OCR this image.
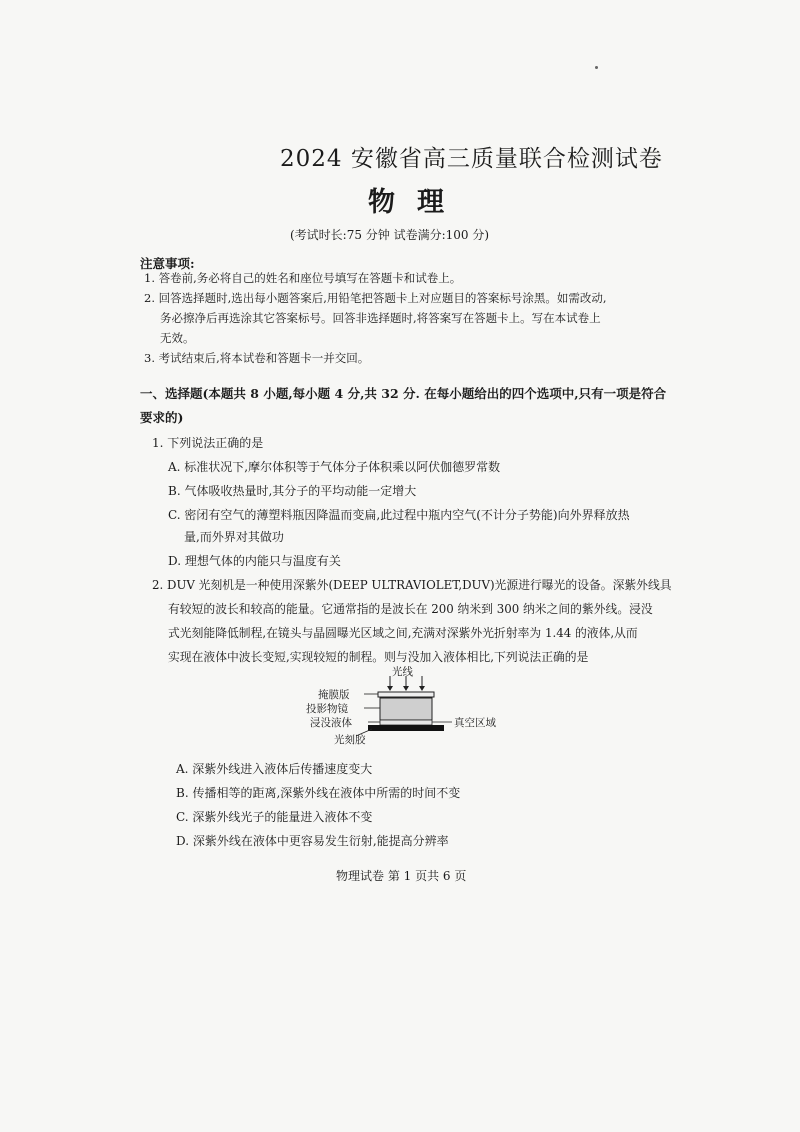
2024 安徽省高三质量联合检测试卷
物理
(考试时长:75 分钟 试卷满分:100 分)
注意事项:
1. 答卷前,务必将自己的姓名和座位号填写在答题卡和试卷上。
2. 回答选择题时,选出每小题答案后,用铅笔把答题卡上对应题目的答案标号涂黑。如需改动,
务必擦净后再选涂其它答案标号。回答非选择题时,将答案写在答题卡上。写在本试卷上
无效。
3. 考试结束后,将本试卷和答题卡一并交回。
一、选择题(本题共 8 小题,每小题 4 分,共 32 分. 在每小题给出的四个选项中,只有一项是符合
要求的)
1. 下列说法正确的是
A. 标准状况下,摩尔体积等于气体分子体积乘以阿伏伽德罗常数
B. 气体吸收热量时,其分子的平均动能一定增大
C. 密闭有空气的薄塑料瓶因降温而变扁,此过程中瓶内空气(不计分子势能)向外界释放热
量,而外界对其做功
D. 理想气体的内能只与温度有关
2. DUV 光刻机是一种使用深紫外(DEEP ULTRAVIOLET,DUV)光源进行曝光的设备。深紫外线具
有较短的波长和较高的能量。它通常指的是波长在 200 纳米到 300 纳米之间的紫外线。浸没
式光刻能降低制程,在镜头与晶圆曝光区域之间,充满对深紫外光折射率为 1.44 的液体,从而
实现在液体中波长变短,实现较短的制程。则与没加入液体相比,下列说法正确的是
光线
掩膜版
投影物镜
浸没液体
光刻胶
真空区域
A. 深紫外线进入液体后传播速度变大
B. 传播相等的距离,深紫外线在液体中所需的时间不变
C. 深紫外线光子的能量进入液体不变
D. 深紫外线在液体中更容易发生衍射,能提高分辨率
物理试卷 第 1 页共 6 页
